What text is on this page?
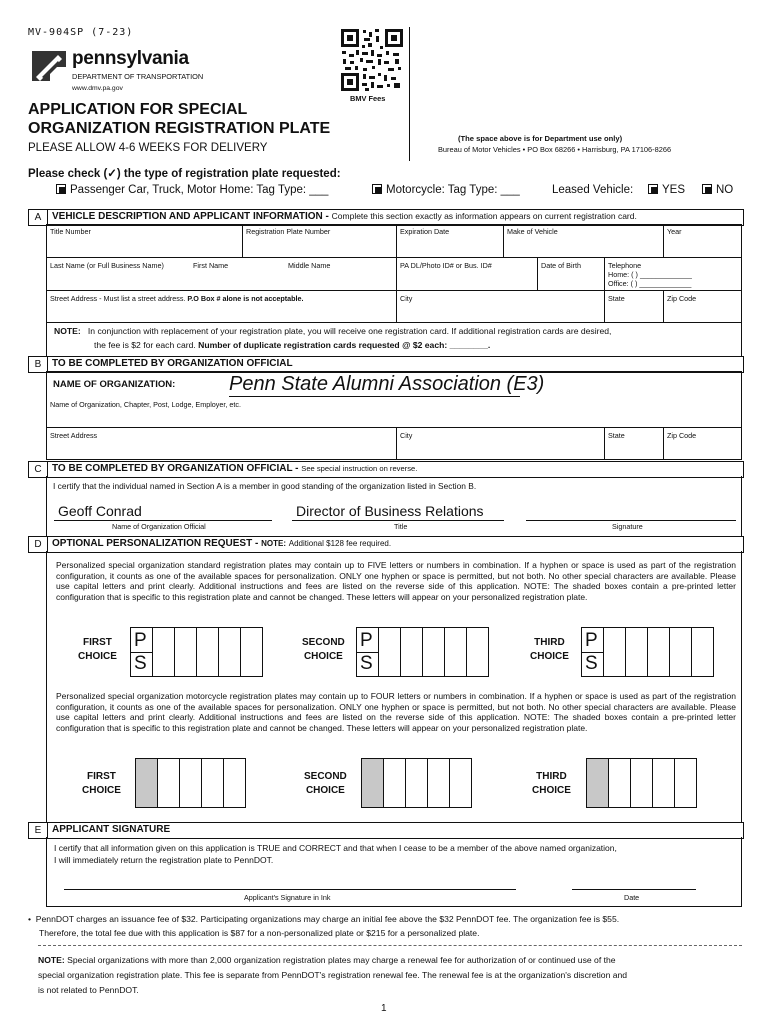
MV-904SP (7-23)
pennsylvania
DEPARTMENT OF TRANSPORTATION
www.dmv.pa.gov
BMV Fees
APPLICATION FOR SPECIAL
ORGANIZATION REGISTRATION PLATE
PLEASE ALLOW 4-6 WEEKS FOR DELIVERY
(The space above is for Department use only)
Bureau of Motor Vehicles • PO Box 68266 • Harrisburg, PA 17106-8266
Please check (✓) the type of registration plate requested:
Passenger Car, Truck, Motor Home: Tag Type: ___	Motorcycle: Tag Type: ___	Leased Vehicle:	YES	NO
A	VEHICLE DESCRIPTION AND APPLICANT INFORMATION - Complete this section exactly as information appears on current registration card.
Title Number	Registration Plate Number	Expiration Date	Make of Vehicle	Year
Last Name (or Full Business Name)	First Name	Middle Name	PA DL/Photo ID# or Bus. ID#	Date of Birth	Telephone
Home: ( ) _____________
Office: ( ) _____________
Street Address - Must list a street address. P.O Box # alone is not acceptable.	City	State	Zip Code
NOTE: In conjunction with replacement of your registration plate, you will receive one registration card. If additional registration cards are desired,
the fee is $2 for each card. Number of duplicate registration cards requested @ $2 each: ________.
B	TO BE COMPLETED BY ORGANIZATION OFFICIAL
NAME OF ORGANIZATION:	Penn State Alumni Association (E3)
Name of Organization, Chapter, Post, Lodge, Employer, etc.
Street Address	City	State	Zip Code
C	TO BE COMPLETED BY ORGANIZATION OFFICIAL - See special instruction on reverse.
I certify that the individual named in Section A is a member in good standing of the organization listed in Section B.
Geoff Conrad	Director of Business Relations
Name of Organization Official	Title	Signature
D	OPTIONAL PERSONALIZATION REQUEST - NOTE: Additional $128 fee required.
Personalized special organization standard registration plates may contain up to FIVE letters or numbers in combination. If a hyphen or space is used as part of the registration configuration, it counts as one of the available spaces for personalization. ONLY one hyphen or space is permitted, but not both. No other special characters are available. Please use capital letters and print clearly. Additional instructions and fees are listed on the reverse side of this application. NOTE: The shaded boxes contain a pre-printed letter configuration that is specific to this registration plate and cannot be changed. These letters will appear on your personalized registration plate.
FIRST
CHOICE
P
S
SECOND
CHOICE
P
S
THIRD
CHOICE
P
S
Personalized special organization motorcycle registration plates may contain up to FOUR letters or numbers in combination. If a hyphen or space is used as part of the registration configuration, it counts as one of the available spaces for personalization. ONLY one hyphen or space is permitted, but not both. No other special characters are available. Please use capital letters and print clearly. Additional instructions and fees are listed on the reverse side of this application. NOTE: The shaded boxes contain a pre-printed letter configuration that is specific to this registration plate and cannot be changed. These letters will appear on your personalized registration plate.
FIRST
CHOICE
SECOND
CHOICE
THIRD
CHOICE
E	APPLICANT SIGNATURE
I certify that all information given on this application is TRUE and CORRECT and that when I cease to be a member of the above named organization,
I will immediately return the registration plate to PennDOT.
Applicant's Signature in Ink	Date
• PennDOT charges an issuance fee of $32. Participating organizations may charge an initial fee above the $32 PennDOT fee. The organization fee is $55.
Therefore, the total fee due with this application is $87 for a non-personalized plate or $215 for a personalized plate.
NOTE: Special organizations with more than 2,000 organization registration plates may charge a renewal fee for authorization of or continued use of the
special organization registration plate. This fee is separate from PennDOT's registration renewal fee. The renewal fee is at the organization's discretion and
is not related to PennDOT.
1
